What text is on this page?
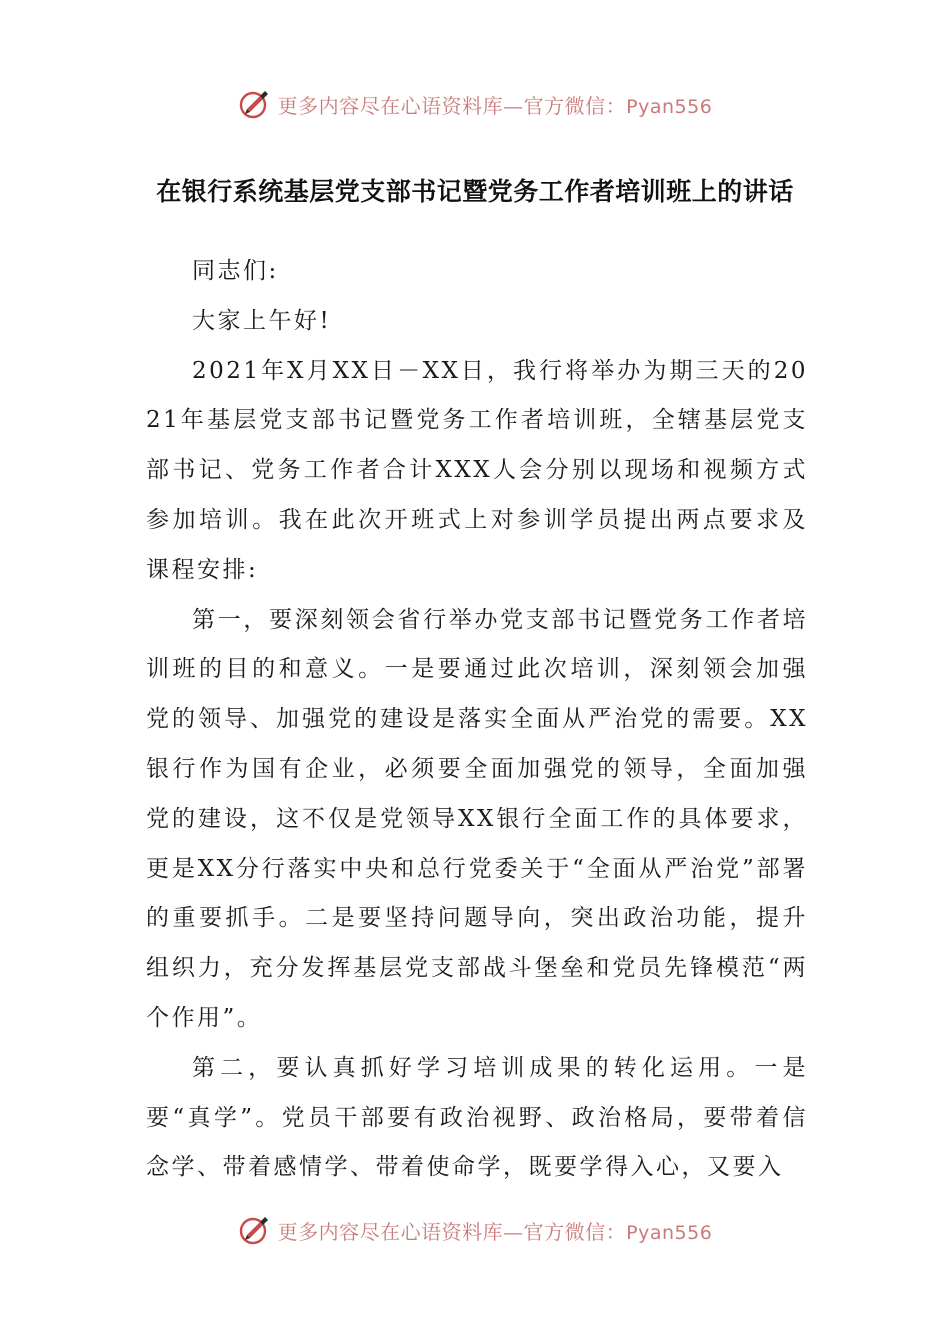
更多内容尽在心语资料库—官方微信：Pyan556
在银行系统基层党支部书记暨党务工作者培训班上的讲话

同志们:

大家上午好!

2021年X月XX日－XX日，我行将举办为期三天的2021年基层党支部书记暨党务工作者培训班，全辖基层党支部书记、党务工作者合计XXX人会分别以现场和视频方式参加培训。我在此次开班式上对参训学员提出两点要求及课程安排:

第一，要深刻领会省行举办党支部书记暨党务工作者培训班的目的和意义。一是要通过此次培训，深刻领会加强党的领导、加强党的建设是落实全面从严治党的需要。XX银行作为国有企业，必须要全面加强党的领导，全面加强党的建设，这不仅是党领导XX银行全面工作的具体要求，更是XX分行落实中央和总行党委关于“全面从严治党”部署的重要抓手。二是要坚持问题导向，突出政治功能，提升组织力，充分发挥基层党支部战斗堡垒和党员先锋模范“两个作用”。

第二，要认真抓好学习培训成果的转化运用。一是要“真学”。党员干部要有政治视野、政治格局，要带着信念学、带着感情学、带着使命学，既要学得入心，又要入

更多内容尽在心语资料库—官方微信：Pyan556
